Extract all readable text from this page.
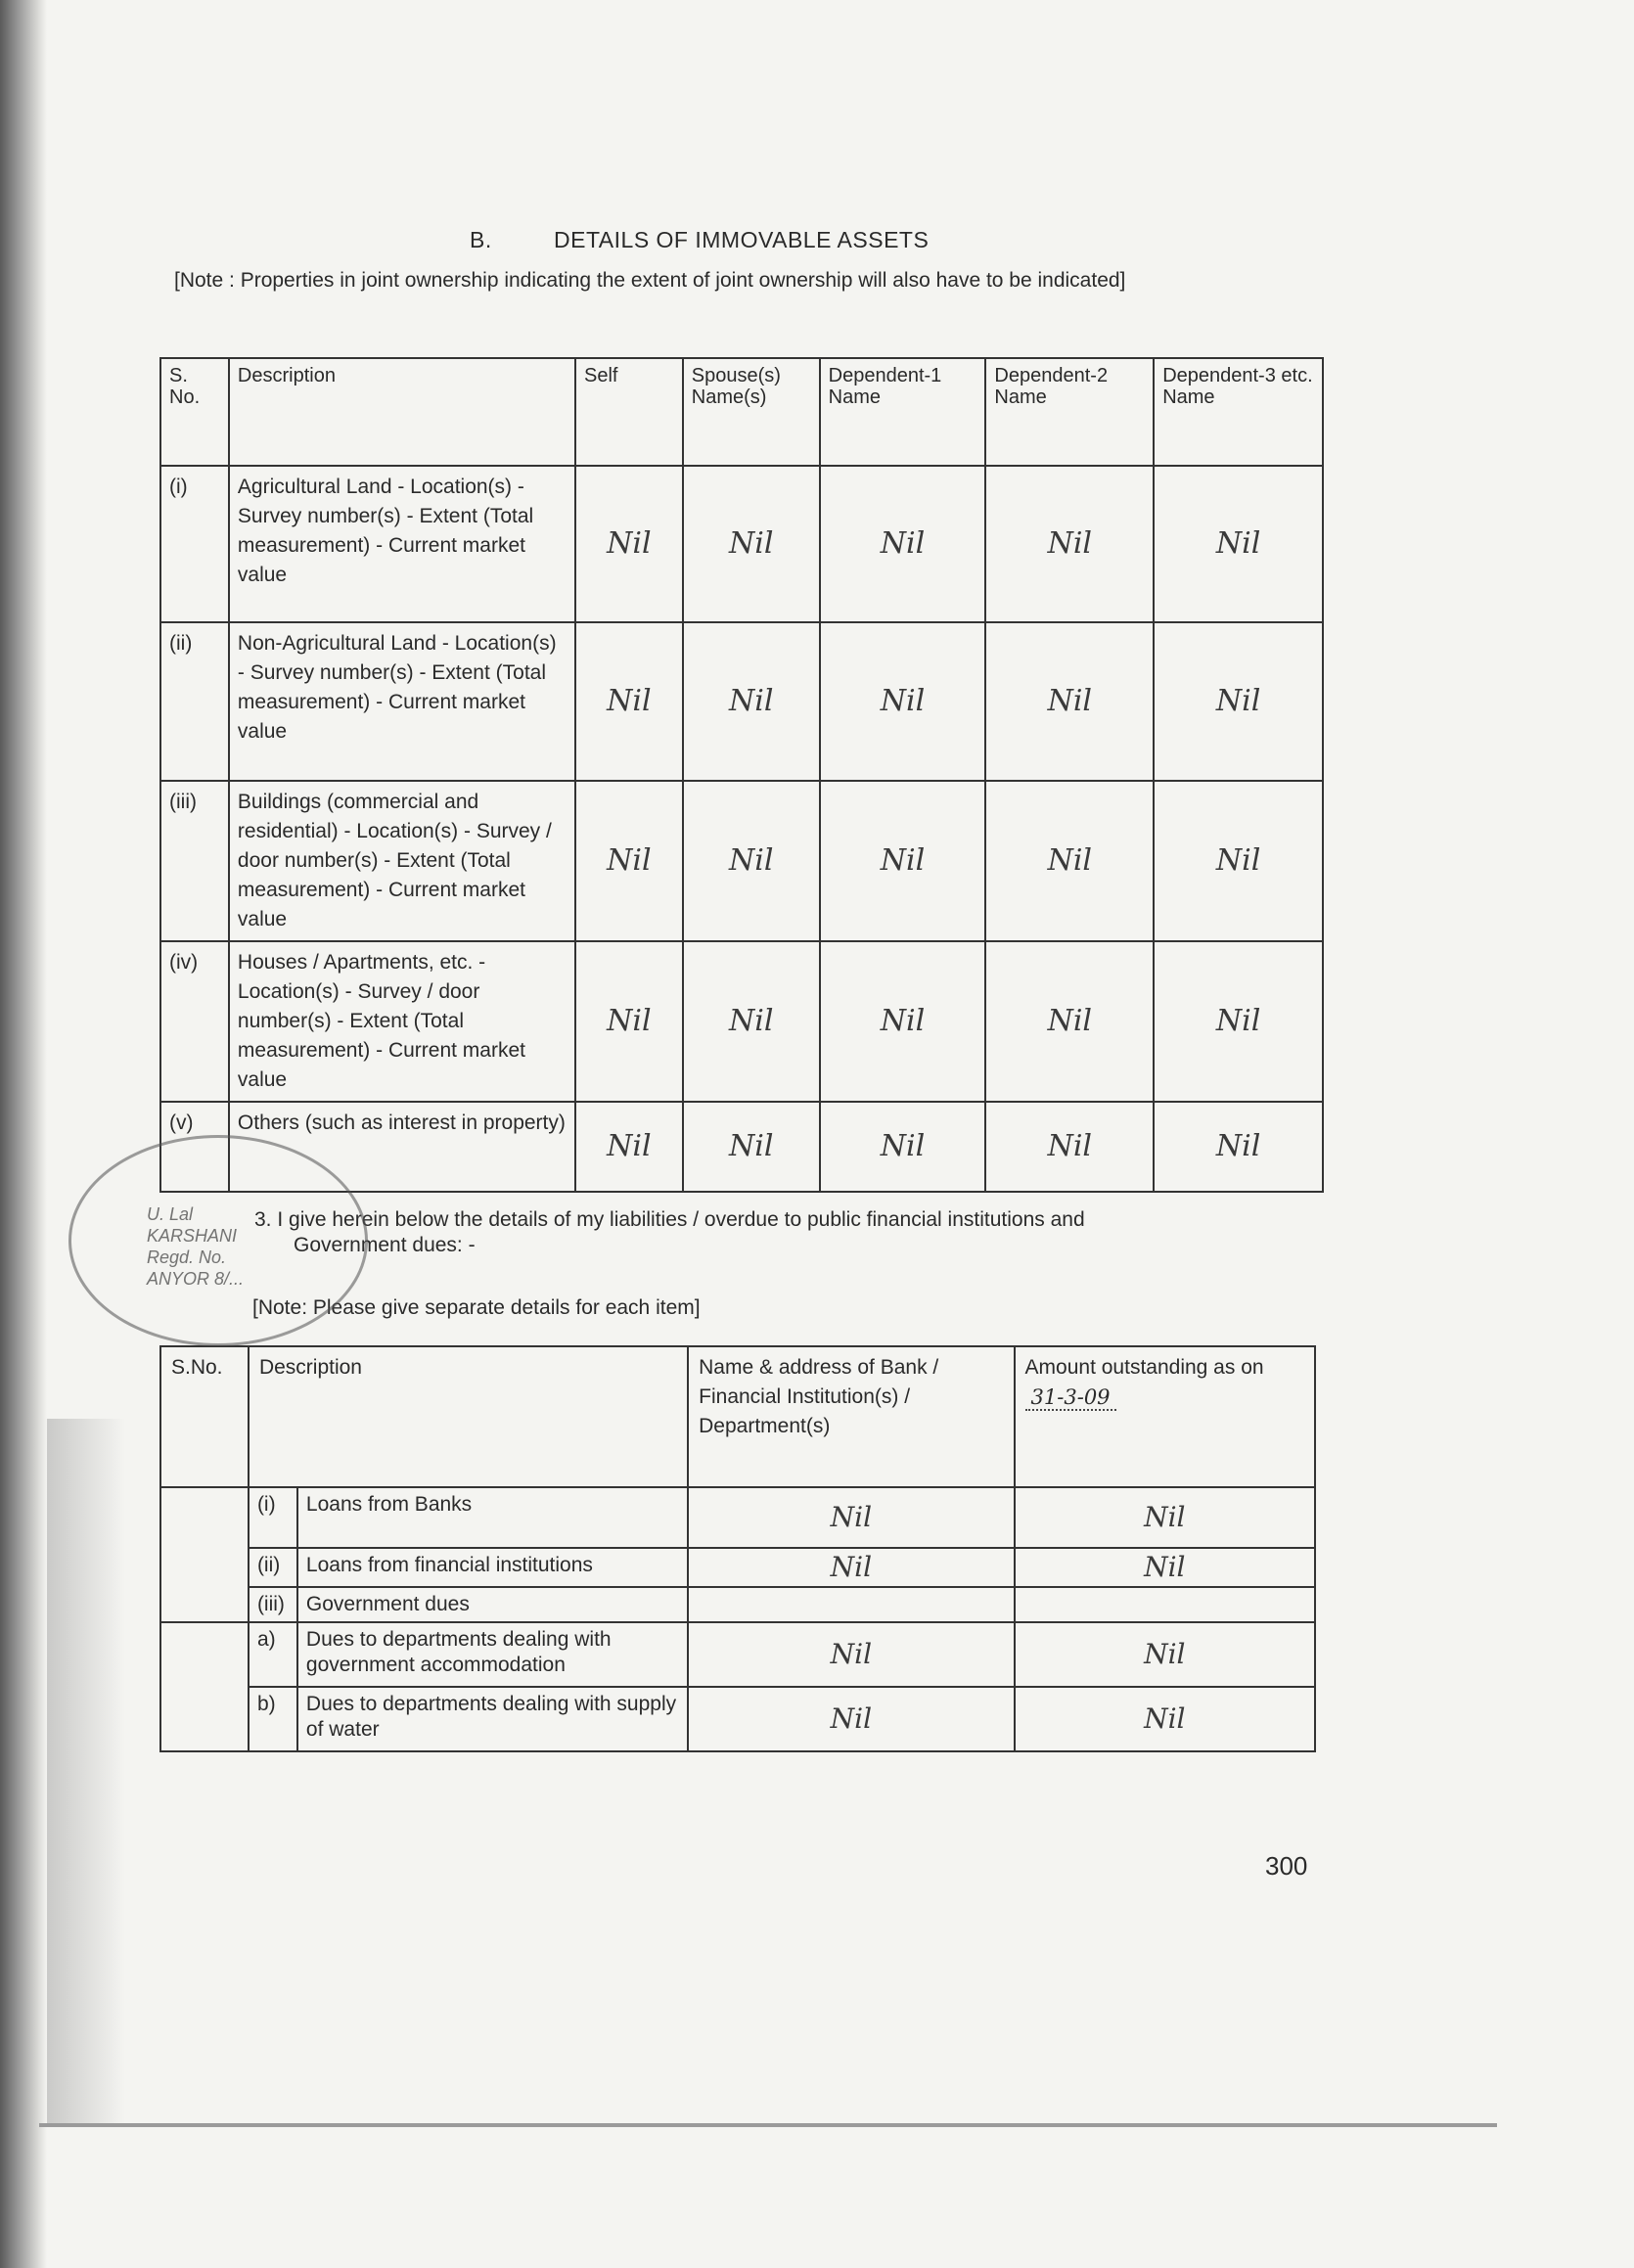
B.	DETAILS OF IMMOVABLE ASSETS
[Note : Properties in joint ownership indicating the extent of joint ownership will also have to be indicated]
S. No.	Description	Self	Spouse(s) Name(s)	Dependent-1 Name	Dependent-2 Name	Dependent-3 etc. Name
(i)	Agricultural Land - Location(s) - Survey number(s) - Extent (Total measurement) - Current market value	Nil	Nil	Nil	Nil	Nil
(ii)	Non-Agricultural Land - Location(s) - Survey number(s) - Extent (Total measurement) - Current market value	Nil	Nil	Nil	Nil	Nil
(iii)	Buildings (commercial and residential) - Location(s) - Survey / door number(s) - Extent (Total measurement) - Current market value	Nil	Nil	Nil	Nil	Nil
(iv)	Houses / Apartments, etc. - Location(s) - Survey / door number(s) - Extent (Total measurement) - Current market value	Nil	Nil	Nil	Nil	Nil
(v)	Others (such as interest in property)	Nil	Nil	Nil	Nil	Nil
3. I give herein below the details of my liabilities / overdue to public financial institutions and
Government dues: -
[Note: Please give separate details for each item]
S.No.	Description		Name & address of Bank / Financial Institution(s) / Department(s)	Amount outstanding as on 31-3-09
	(i)	Loans from Banks	Nil	Nil
	(ii)	Loans from financial institutions	Nil	Nil
	(iii)	Government dues		
	a)	Dues to departments dealing with government accommodation	Nil	Nil
	b)	Dues to departments dealing with supply of water	Nil	Nil
U. Lal
KARSHANI
Regd. No.
ANYOR 8/...
300
